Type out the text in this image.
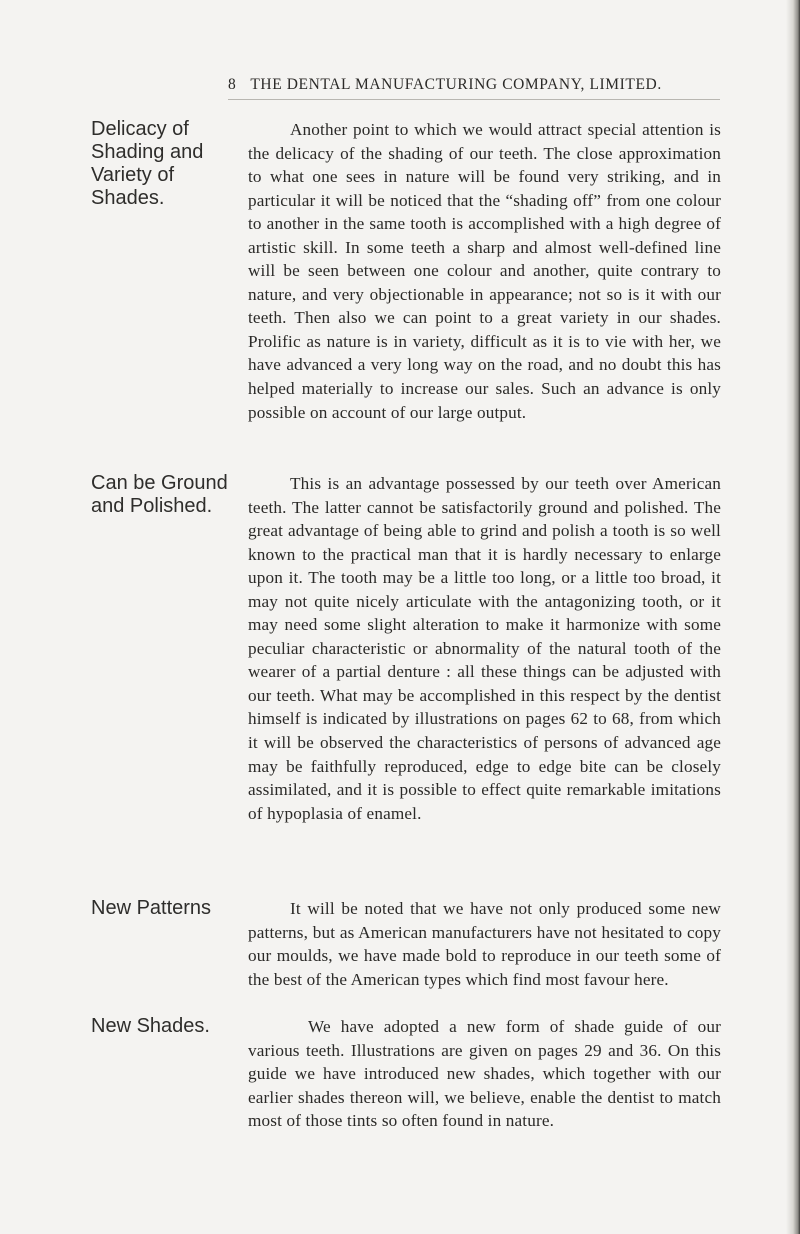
8 THE DENTAL MANUFACTURING COMPANY, LIMITED.
Delicacy of Shading and Variety of Shades.
Another point to which we would attract special attention is the delicacy of the shading of our teeth. The close approximation to what one sees in nature will be found very striking, and in particular it will be noticed that the “shading off” from one colour to another in the same tooth is accomplished with a high degree of artistic skill. In some teeth a sharp and almost well-defined line will be seen between one colour and another, quite contrary to nature, and very objectionable in appearance; not so is it with our teeth. Then also we can point to a great variety in our shades. Prolific as nature is in variety, difficult as it is to vie with her, we have advanced a very long way on the road, and no doubt this has helped materially to increase our sales. Such an advance is only possible on account of our large output.
Can be Ground and Polished.
This is an advantage possessed by our teeth over American teeth. The latter cannot be satisfactorily ground and polished. The great advantage of being able to grind and polish a tooth is so well known to the practical man that it is hardly necessary to enlarge upon it. The tooth may be a little too long, or a little too broad, it may not quite nicely articulate with the antagonizing tooth, or it may need some slight alteration to make it harmonize with some peculiar characteristic or abnormality of the natural tooth of the wearer of a partial denture : all these things can be adjusted with our teeth. What may be accomplished in this respect by the dentist himself is indicated by illustrations on pages 62 to 68, from which it will be observed the characteristics of persons of advanced age may be faithfully reproduced, edge to edge bite can be closely assimilated, and it is possible to effect quite remarkable imitations of hypoplasia of enamel.
New Patterns	It will be noted that we have not only produced some new patterns, but as American manufacturers have not hesitated to copy our moulds, we have made bold to reproduce in our teeth some of the best of the American types which find most favour here.
New Shades.	We have adopted a new form of shade guide of our various teeth. Illustrations are given on pages 29 and 36. On this guide we have introduced new shades, which together with our earlier shades thereon will, we believe, enable the dentist to match most of those tints so often found in nature.
